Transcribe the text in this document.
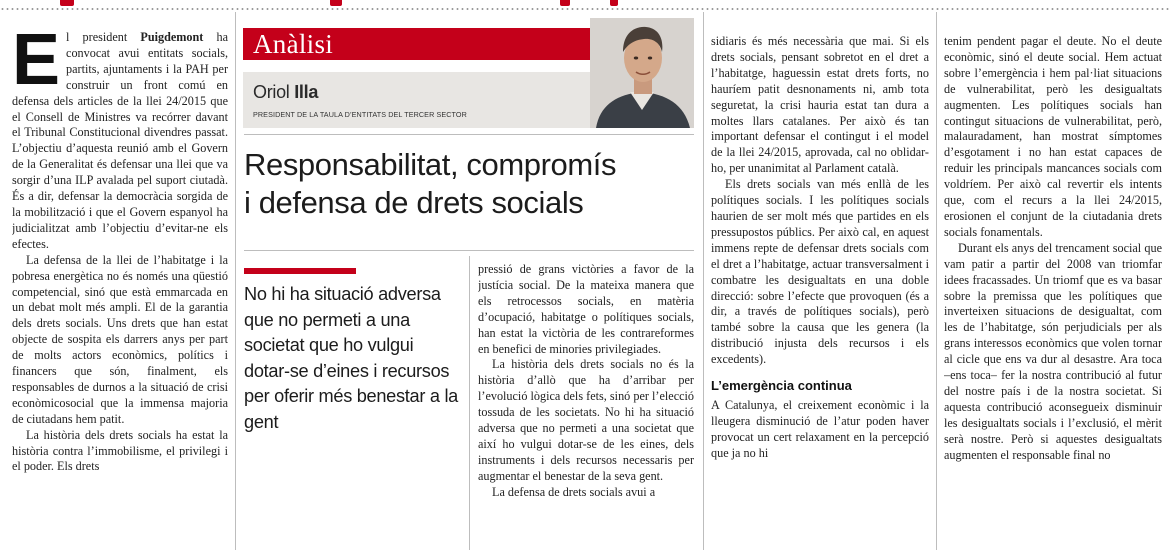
El president Puigdemont ha convocat avui entitats socials, partits, ajuntaments i la PAH per construir un front comú en defensa dels articles de la llei 24/2015 que el Consell de Ministres va recórrer davant el Tribunal Constitucional divendres passat. L’objectiu d’aquesta reunió amb el Govern de la Generalitat és defensar una llei que va sorgir d’una ILP avalada pel suport ciutadà. És a dir, defensar la democràcia sorgida de la mobilització i que el Govern espanyol ha judicialitzat amb l’objectiu d’evitar-ne els efectes.

La defensa de la llei de l’habitatge i la pobresa energètica no és només una qüestió competencial, sinó que està emmarcada en un debat molt més ampli. El de la garantia dels drets socials. Uns drets que han estat objecte de sospita els darrers anys per part de molts actors econòmics, polítics i financers que són, finalment, els responsables de durnos a la situació de crisi econòmicosocial que la immensa majoria de ciutadans hem patit.

La història dels drets socials ha estat la història contra l’immobilisme, el privilegi i el poder. Els drets

Anàlisi
Oriol Illa
PRESIDENT DE LA TAULA D’ENTITATS DEL TERCER SECTOR
Responsabilitat, compromís
i defensa de drets socials
No hi ha situació adversa que no permeti a una societat que ho vulgui dotar-se d’eines i recursos per oferir més benestar a la gent

pressió de grans victòries a favor de la justícia social. De la mateixa manera que els retrocessos socials, en matèria d’ocupació, habitatge o polítiques socials, han estat la victòria de les contrareformes en benefici de minories privilegiades.

La història dels drets socials no és la història d’allò que ha d’arribar per l’evolució lògica dels fets, sinó per l’elecció tossuda de les societats. No hi ha situació adversa que no permeti a una societat que així ho vulgui dotar-se de les eines, dels instruments i dels recursos necessaris per augmentar el benestar de la seva gent.

La defensa de drets socials avui a

sidiaris és més necessària que mai. Si els drets socials, pensant sobretot en el dret a l’habitatge, haguessin estat drets forts, no hauríem patit desnonaments ni, amb tota seguretat, la crisi hauria estat tan dura a moltes llars catalanes. Per això és tan important defensar el contingut i el model de la llei 24/2015, aprovada, cal no oblidar-ho, per unanimitat al Parlament català.

Els drets socials van més enllà de les polítiques socials. I les polítiques socials haurien de ser molt més que partides en els pressupostos públics. Per això cal, en aquest immens repte de defensar drets socials com el dret a l’habitatge, actuar transversalment i combatre les desigualtats en una doble direcció: sobre l’efecte que provoquen (és a dir, a través de polítiques socials), però també sobre la causa que les genera (la distribució injusta dels recursos i els excedents).

L’emergència continua

A Catalunya, el creixement econòmic i la lleugera disminució de l’atur poden haver provocat un cert relaxament en la percepció que ja no hi

tenim pendent pagar el deute. No el deute econòmic, sinó el deute social. Hem actuat sobre l’emergència i hem pal·liat situacions de vulnerabilitat, però les desigualtats augmenten. Les polítiques socials han contingut situacions de vulnerabilitat, però, malauradament, han mostrat símptomes d’esgotament i no han estat capaces de reduir les principals mancances socials com voldríem. Per això cal revertir els intents que, com el recurs a la llei 24/2015, erosionen el conjunt de la ciutadania drets socials fonamentals.

Durant els anys del trencament social que vam patir a partir del 2008 van triomfar idees fracassades. Un triomf que es va basar sobre la premissa que les polítiques que inverteixen situacions de desigualtat, com les de l’habitatge, són perjudicials per als grans interessos econòmics que volen tornar al cicle que ens va dur al desastre. Ara toca –ens toca– fer la nostra contribució al futur del nostre país i de la nostra societat. Si aquesta contribució aconsegueix disminuir les desigualtats socials i l’exclusió, el mèrit serà nostre. Però si aquestes desigualtats augmenten el responsable final no
